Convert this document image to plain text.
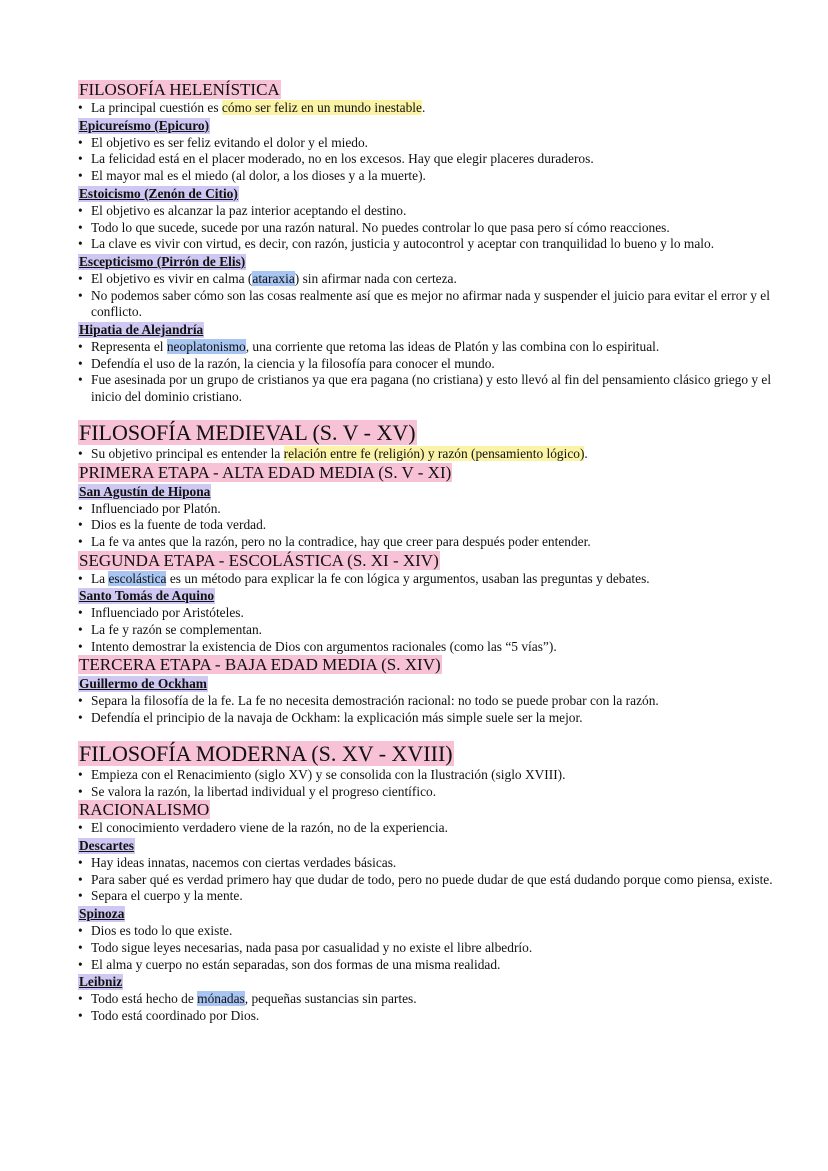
FILOSOFÍA HELENÍSTICA
• La principal cuestión es cómo ser feliz en un mundo inestable.
Epicureísmo (Epicuro)
• El objetivo es ser feliz evitando el dolor y el miedo.
• La felicidad está en el placer moderado, no en los excesos. Hay que elegir placeres duraderos.
• El mayor mal es el miedo (al dolor, a los dioses y a la muerte).
Estoicismo (Zenón de Citio)
• El objetivo es alcanzar la paz interior aceptando el destino.
• Todo lo que sucede, sucede por una razón natural. No puedes controlar lo que pasa pero sí cómo reacciones.
• La clave es vivir con virtud, es decir, con razón, justicia y autocontrol y aceptar con tranquilidad lo bueno y lo malo.
Escepticismo (Pirrón de Elis)
• El objetivo es vivir en calma (ataraxia) sin afirmar nada con certeza.
• No podemos saber cómo son las cosas realmente así que es mejor no afirmar nada y suspender el juicio para evitar el error y el conflicto.
Hipatia de Alejandría
• Representa el neoplatonismo, una corriente que retoma las ideas de Platón y las combina con lo espiritual.
• Defendía el uso de la razón, la ciencia y la filosofía para conocer el mundo.
• Fue asesinada por un grupo de cristianos ya que era pagana (no cristiana) y esto llevó al fin del pensamiento clásico griego y el inicio del dominio cristiano.
FILOSOFÍA MEDIEVAL (S. V - XV)
• Su objetivo principal es entender la relación entre fe (religión) y razón (pensamiento lógico).
PRIMERA ETAPA - ALTA EDAD MEDIA (S. V - XI)
San Agustín de Hipona
• Influenciado por Platón.
• Dios es la fuente de toda verdad.
• La fe va antes que la razón, pero no la contradice, hay que creer para después poder entender.
SEGUNDA ETAPA - ESCOLÁSTICA (S. XI - XIV)
• La escolástica es un método para explicar la fe con lógica y argumentos, usaban las preguntas y debates.
Santo Tomás de Aquino
• Influenciado por Aristóteles.
• La fe y razón se complementan.
• Intento demostrar la existencia de Dios con argumentos racionales (como las “5 vías”).
TERCERA ETAPA - BAJA EDAD MEDIA (S. XIV)
Guillermo de Ockham
• Separa la filosofía de la fe. La fe no necesita demostración racional: no todo se puede probar con la razón.
• Defendía el principio de la navaja de Ockham: la explicación más simple suele ser la mejor.
FILOSOFÍA MODERNA (S. XV - XVIII)
• Empieza con el Renacimiento (siglo XV) y se consolida con la Ilustración (siglo XVIII).
• Se valora la razón, la libertad individual y el progreso científico.
RACIONALISMO
• El conocimiento verdadero viene de la razón, no de la experiencia.
Descartes
• Hay ideas innatas, nacemos con ciertas verdades básicas.
• Para saber qué es verdad primero hay que dudar de todo, pero no puede dudar de que está dudando porque como piensa, existe.
• Separa el cuerpo y la mente.
Spinoza
• Dios es todo lo que existe.
• Todo sigue leyes necesarias, nada pasa por casualidad y no existe el libre albedrío.
• El alma y cuerpo no están separadas, son dos formas de una misma realidad.
Leibniz
• Todo está hecho de mónadas, pequeñas sustancias sin partes.
• Todo está coordinado por Dios.
